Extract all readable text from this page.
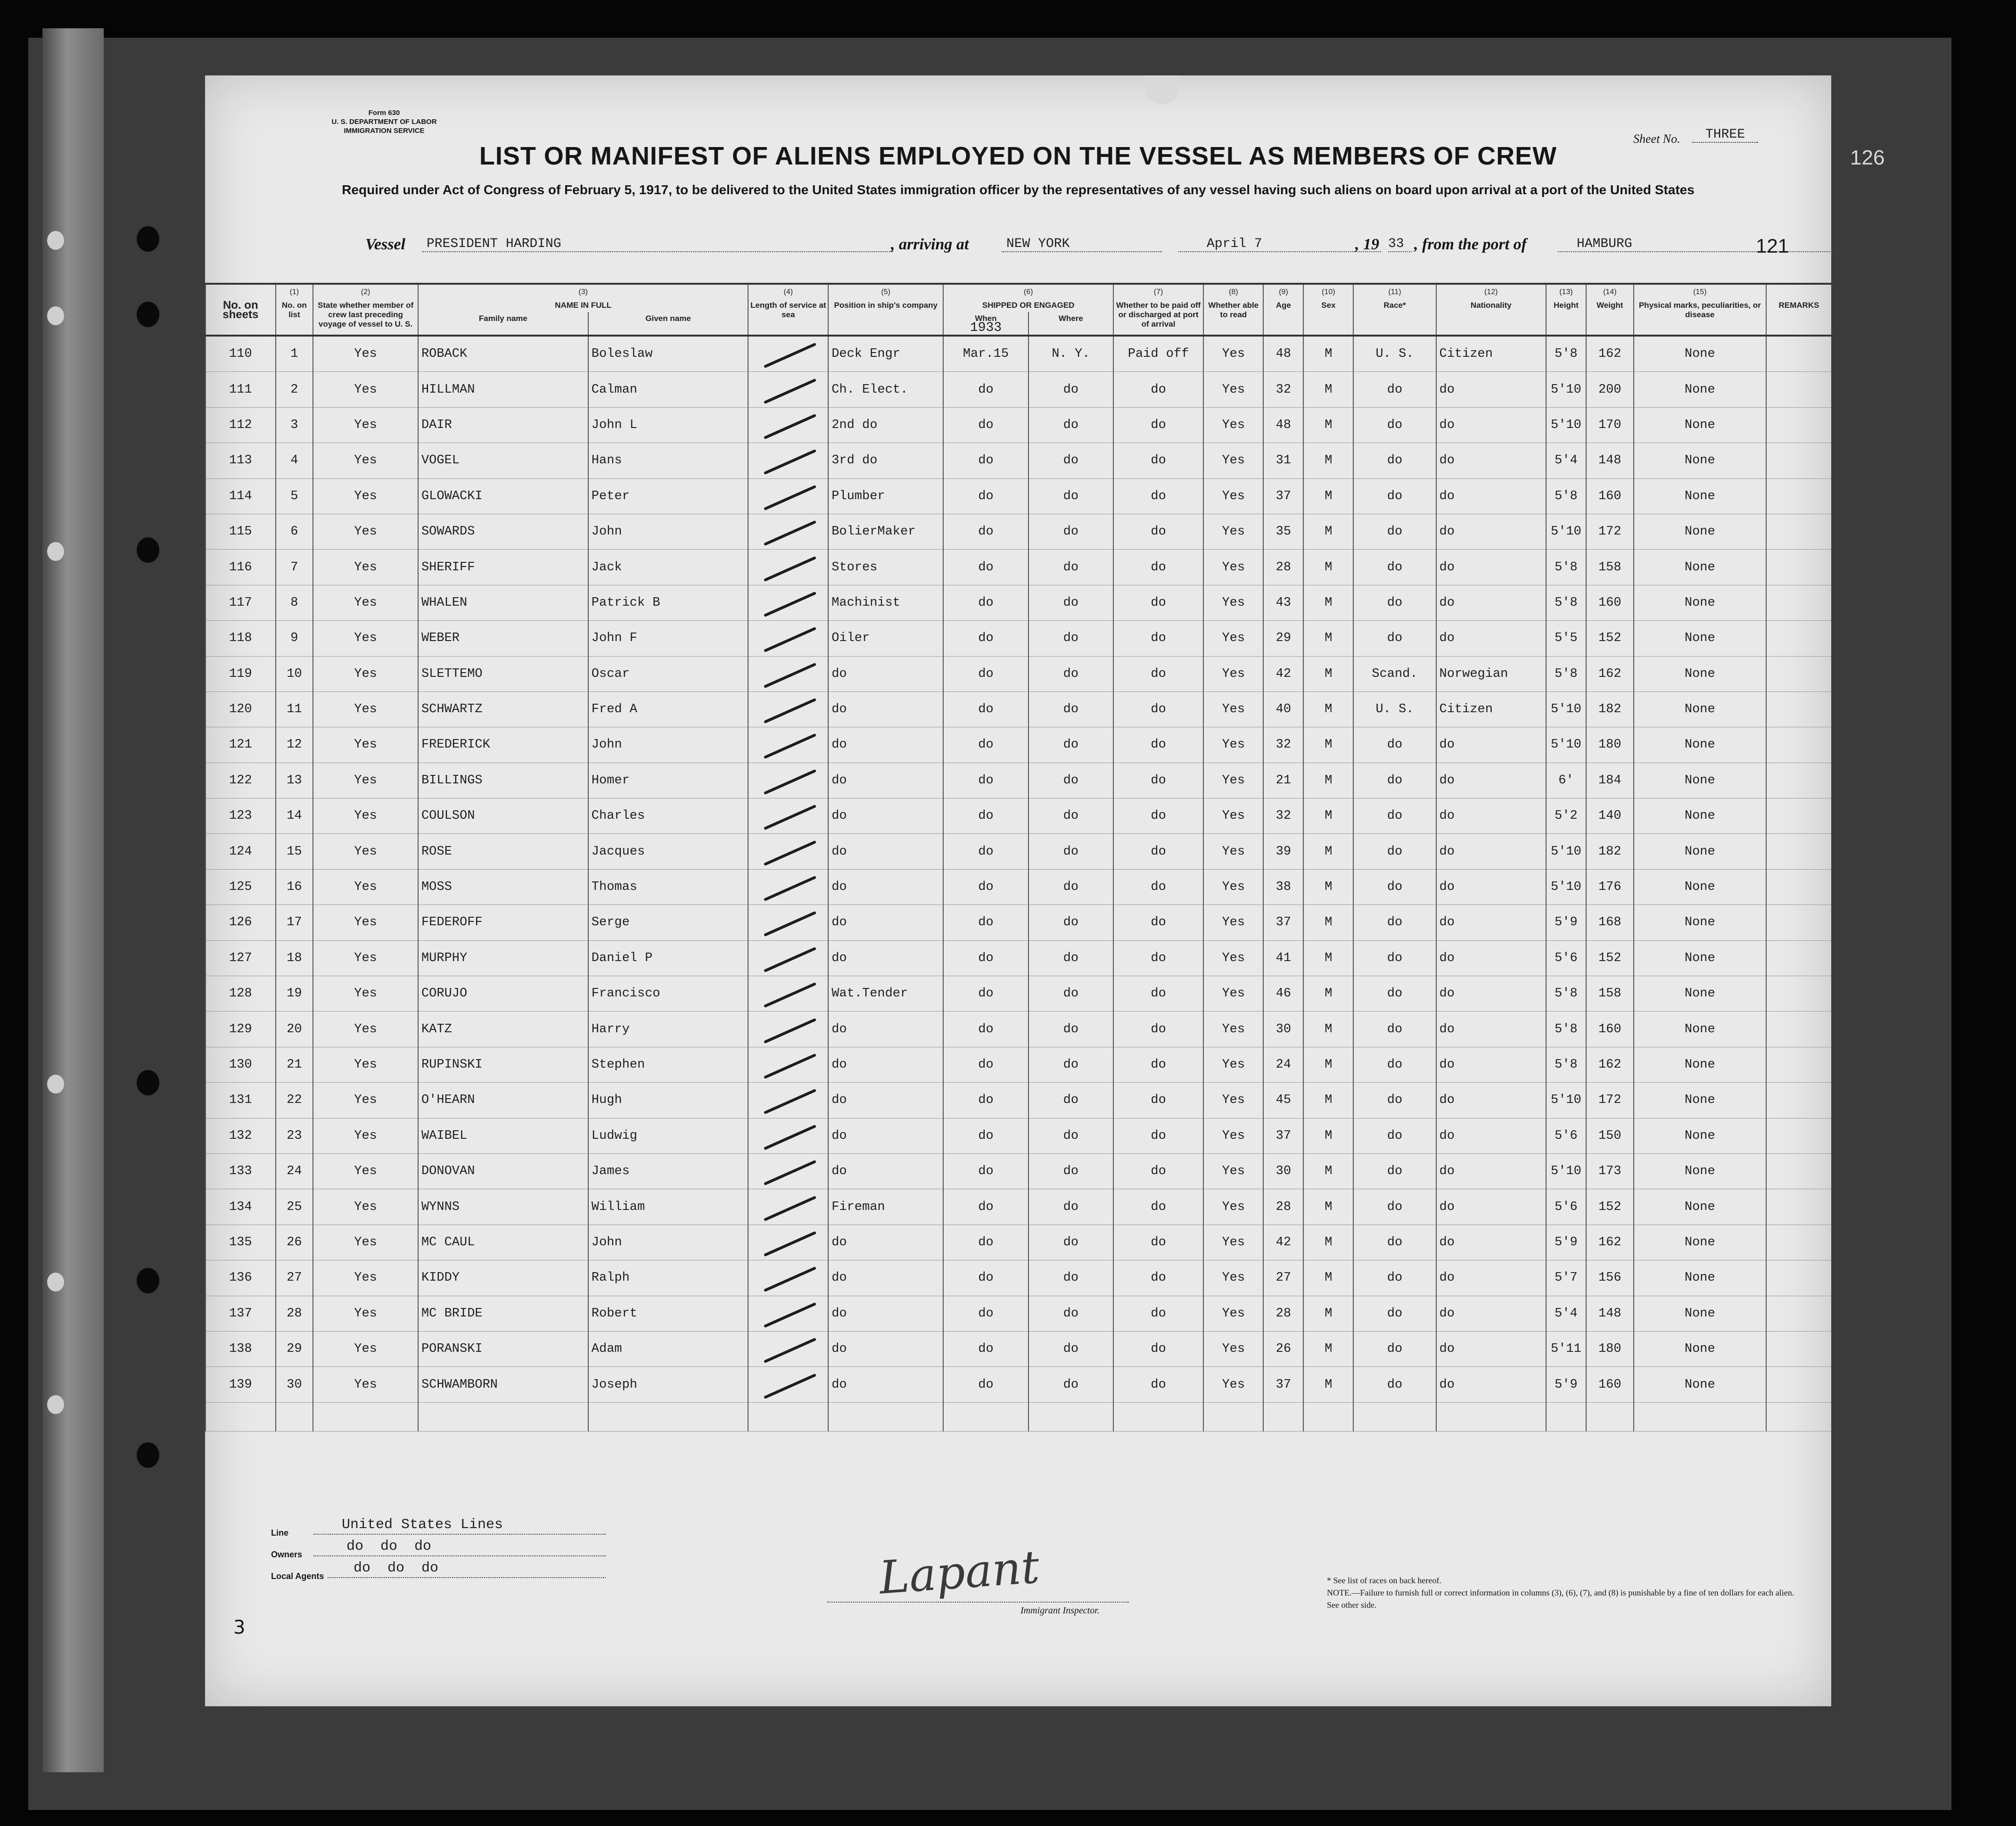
126
Form 630
U. S. DEPARTMENT OF LABOR
IMMIGRATION SERVICE
Sheet No.	THREE
LIST OR MANIFEST OF ALIENS EMPLOYED ON THE VESSEL AS MEMBERS OF CREW
Required under Act of Congress of February 5, 1917, to be delivered to the United States immigration officer by the representatives of any vessel having such aliens on board upon arrival at a port of the United States
Vessel	PRESIDENT HARDING	, arriving at	NEW YORK	April 7	, 19 33 , from the port of	HAMBURG	121
	(1)	(2)	(3)		(4)	(5)	(6)		(7)	(8)	(9)	(10)	(11)	(12)	(13)	(14)	(15)	
No. on sheets	No. on list	State whether member of crew last preceding voyage of vessel to U. S.	NAME IN FULL		Length of service at sea	Position in ship's company	SHIPPED OR ENGAGED		Whether to be paid off or discharged at port of arrival	Whether able to read	Age	Sex	Race*	Nationality	Height	Weight	Physical marks, peculiarities, or disease	REMARKS
			Family name	Given name			When
1933	Where										
110	1	Yes	ROBACK	Boleslaw		Deck Engr	Mar.15	N. Y.	Paid off	Yes	48	M	U. S.	Citizen	5'8	162	None	
111	2	Yes	HILLMAN	Calman		Ch. Elect.	do	do	do	Yes	32	M	do	do	5'10	200	None	
112	3	Yes	DAIR	John L		2nd do	do	do	do	Yes	48	M	do	do	5'10	170	None	
113	4	Yes	VOGEL	Hans		3rd do	do	do	do	Yes	31	M	do	do	5'4	148	None	
114	5	Yes	GLOWACKI	Peter		Plumber	do	do	do	Yes	37	M	do	do	5'8	160	None	
115	6	Yes	SOWARDS	John		BolierMaker	do	do	do	Yes	35	M	do	do	5'10	172	None	
116	7	Yes	SHERIFF	Jack		Stores	do	do	do	Yes	28	M	do	do	5'8	158	None	
117	8	Yes	WHALEN	Patrick B		Machinist	do	do	do	Yes	43	M	do	do	5'8	160	None	
118	9	Yes	WEBER	John F		Oiler	do	do	do	Yes	29	M	do	do	5'5	152	None	
119	10	Yes	SLETTEMO	Oscar		do	do	do	do	Yes	42	M	Scand.	Norwegian	5'8	162	None	
120	11	Yes	SCHWARTZ	Fred A		do	do	do	do	Yes	40	M	U. S.	Citizen	5'10	182	None	
121	12	Yes	FREDERICK	John		do	do	do	do	Yes	32	M	do	do	5'10	180	None	
122	13	Yes	BILLINGS	Homer		do	do	do	do	Yes	21	M	do	do	6'	184	None	
123	14	Yes	COULSON	Charles		do	do	do	do	Yes	32	M	do	do	5'2	140	None	
124	15	Yes	ROSE	Jacques		do	do	do	do	Yes	39	M	do	do	5'10	182	None	
125	16	Yes	MOSS	Thomas		do	do	do	do	Yes	38	M	do	do	5'10	176	None	
126	17	Yes	FEDEROFF	Serge		do	do	do	do	Yes	37	M	do	do	5'9	168	None	
127	18	Yes	MURPHY	Daniel P		do	do	do	do	Yes	41	M	do	do	5'6	152	None	
128	19	Yes	CORUJO	Francisco		Wat.Tender	do	do	do	Yes	46	M	do	do	5'8	158	None	
129	20	Yes	KATZ	Harry		do	do	do	do	Yes	30	M	do	do	5'8	160	None	
130	21	Yes	RUPINSKI	Stephen		do	do	do	do	Yes	24	M	do	do	5'8	162	None	
131	22	Yes	O'HEARN	Hugh		do	do	do	do	Yes	45	M	do	do	5'10	172	None	
132	23	Yes	WAIBEL	Ludwig		do	do	do	do	Yes	37	M	do	do	5'6	150	None	
133	24	Yes	DONOVAN	James		do	do	do	do	Yes	30	M	do	do	5'10	173	None	
134	25	Yes	WYNNS	William		Fireman	do	do	do	Yes	28	M	do	do	5'6	152	None	
135	26	Yes	MC CAUL	John		do	do	do	do	Yes	42	M	do	do	5'9	162	None	
136	27	Yes	KIDDY	Ralph		do	do	do	do	Yes	27	M	do	do	5'7	156	None	
137	28	Yes	MC BRIDE	Robert		do	do	do	do	Yes	28	M	do	do	5'4	148	None	
138	29	Yes	PORANSKI	Adam		do	do	do	do	Yes	26	M	do	do	5'11	180	None	
139	30	Yes	SCHWAMBORN	Joseph		do	do	do	do	Yes	37	M	do	do	5'9	160	None	

Line	United States Lines
Owners	do  do  do
Local Agents do  do  do	Lapant
Immigrant Inspector.
* See list of races on back hereof.
NOTE.—Failure to furnish full or correct information in columns (3), (6), (7), and (8) is punishable by a fine of ten dollars for each alien. See other side.
3
